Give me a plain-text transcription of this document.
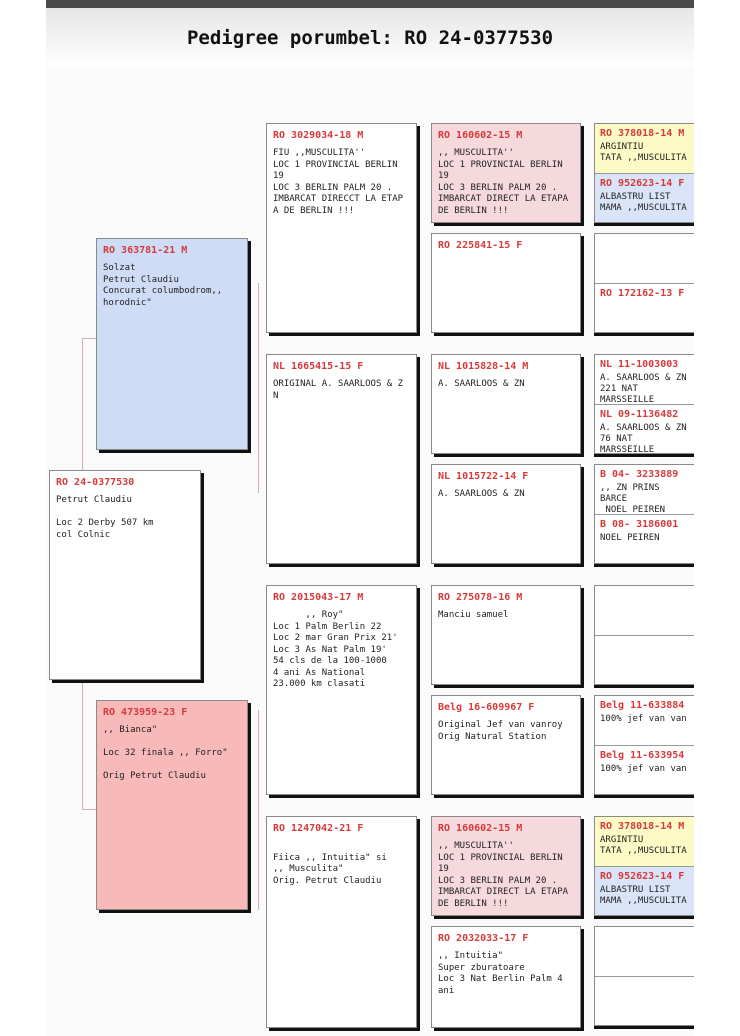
Pedigree porumbel: RO 24-0377530
RO 24-0377530
Petrut Claudiu

Loc 2 Derby 507 km
col Colnic
RO 363781-21 M
Solzat
Petrut Claudiu
Concurat columbodrom,,
horodnic"
RO 473959-23 F
,, Bianca"

Loc 32 finala ,, Forro"

Orig Petrut Claudiu
RO 3029034-18 M
FIU ,,MUSCULITA''
LOC 1 PROVINCIAL BERLIN
19
LOC 3 BERLIN PALM 20 .
IMBARCAT DIRECCT LA ETAP
A DE BERLIN !!!
NL 1665415-15 F
ORIGINAL A. SAARLOOS & Z
N
RO 2015043-17 M
,, Roy"
Loc 1 Palm Berlin 22
Loc 2 mar Gran Prix 21'
Loc 3 As Nat Palm 19'
54 cls de la 100-1000
4 ani As National
23.000 km clasati
RO 1247042-21 F

Fiica ,, Intuitia" si
,, Musculita"
Orig. Petrut Claudiu
RO 160602-15 M
,, MUSCULITA''
LOC 1 PROVINCIAL BERLIN
19
LOC 3 BERLIN PALM 20 .
IMBARCAT DIRECT LA ETAPA
DE BERLIN !!!
RO 225841-15 F
NL 1015828-14 M
A. SAARLOOS & ZN
NL 1015722-14 F
A. SAARLOOS & ZN
RO 275078-16 M
Manciu samuel
Belg 16-609967 F
Original Jef van vanroy
Orig Natural Station
RO 160602-15 M
,, MUSCULITA''
LOC 1 PROVINCIAL BERLIN
19
LOC 3 BERLIN PALM 20 .
IMBARCAT DIRECT LA ETAPA
DE BERLIN !!!
RO 2032033-17 F
,, Intuitia"
Super zburatoare
Loc 3 Nat Berlin Palm 4
ani
RO 378018-14 M
ARGINTIU
TATA ,,MUSCULITA
RO 952623-14 F
ALBASTRU LIST
MAMA ,,MUSCULITA
RO 172162-13 F
NL 11-1003003
A. SAARLOOS & ZN
221 NAT MARSSEILLE
NL 09-1136482
A. SAARLOOS & ZN
76 NAT MARSSEILLE
B 04- 3233889
,, ZN PRINS BARCE
NOEL PEIREN
B 08- 3186001
NOEL PEIREN
Belg 11-633884
100% jef van van
Belg 11-633954
100% jef van van
RO 378018-14 M
ARGINTIU
TATA ,,MUSCULITA
RO 952623-14 F
ALBASTRU LIST
MAMA ,,MUSCULITA
